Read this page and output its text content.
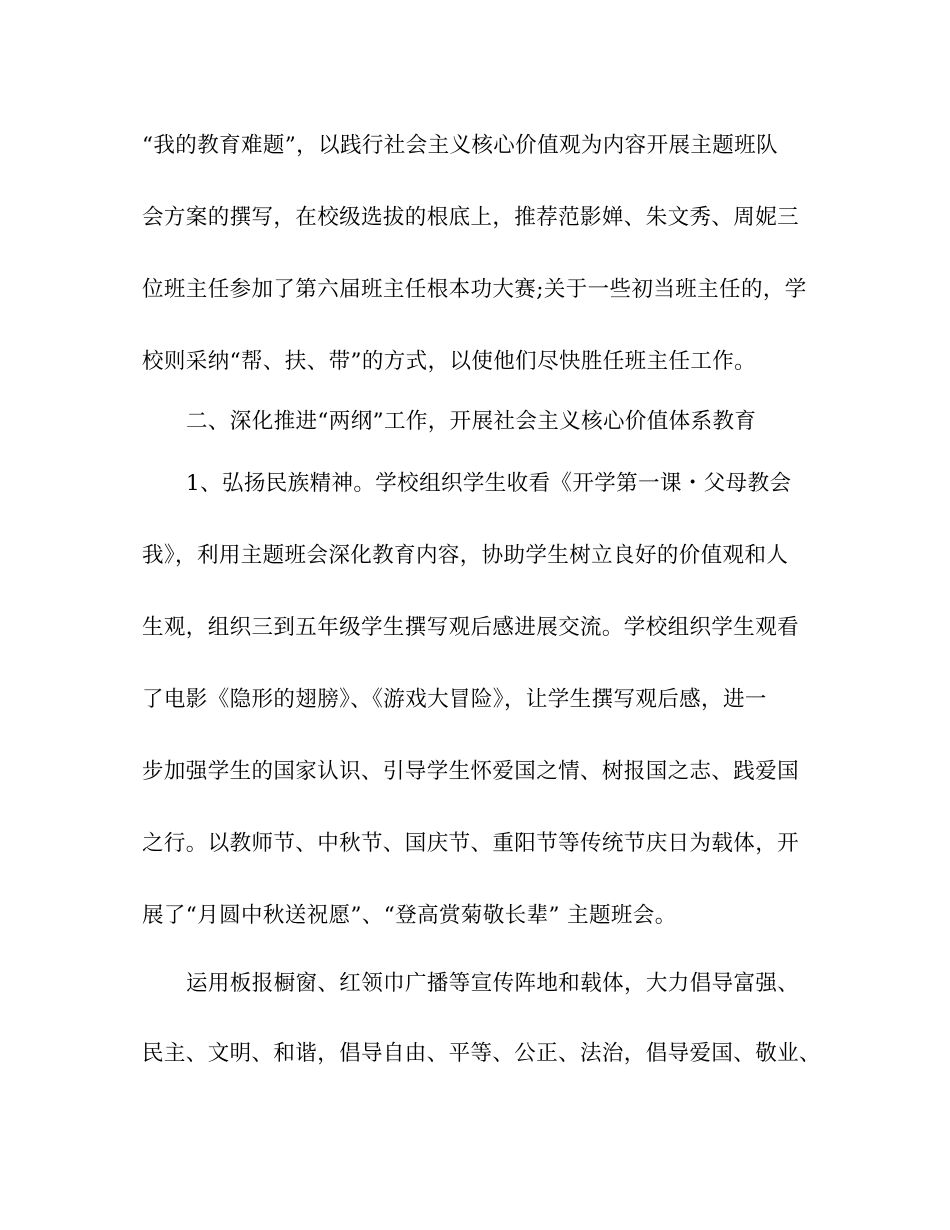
“我的教育难题”，以践行社会主义核心价值观为内容开展主题班队
会方案的撰写，在校级选拔的根底上，推荐范影婵、朱文秀、周妮三
位班主任参加了第六届班主任根本功大赛;关于一些初当班主任的，学
校则采纳“帮、扶、带”的方式，以使他们尽快胜任班主任工作。
二、深化推进“两纲”工作，开展社会主义核心价值体系教育
1、弘扬民族精神。学校组织学生收看《开学第一课・父母教会
我》，利用主题班会深化教育内容，协助学生树立良好的价值观和人
生观，组织三到五年级学生撰写观后感进展交流。学校组织学生观看
了电影《隐形的翅膀》、《游戏大冒险》，让学生撰写观后感，进一
步加强学生的国家认识、引导学生怀爱国之情、树报国之志、践爱国
之行。以教师节、中秋节、国庆节、重阳节等传统节庆日为载体，开
展了“月圆中秋送祝愿”、“登高赏菊敬长辈” 主题班会。
运用板报橱窗、红领巾广播等宣传阵地和载体，大力倡导富强、
民主、文明、和谐，倡导自由、平等、公正、法治，倡导爱国、敬业、
